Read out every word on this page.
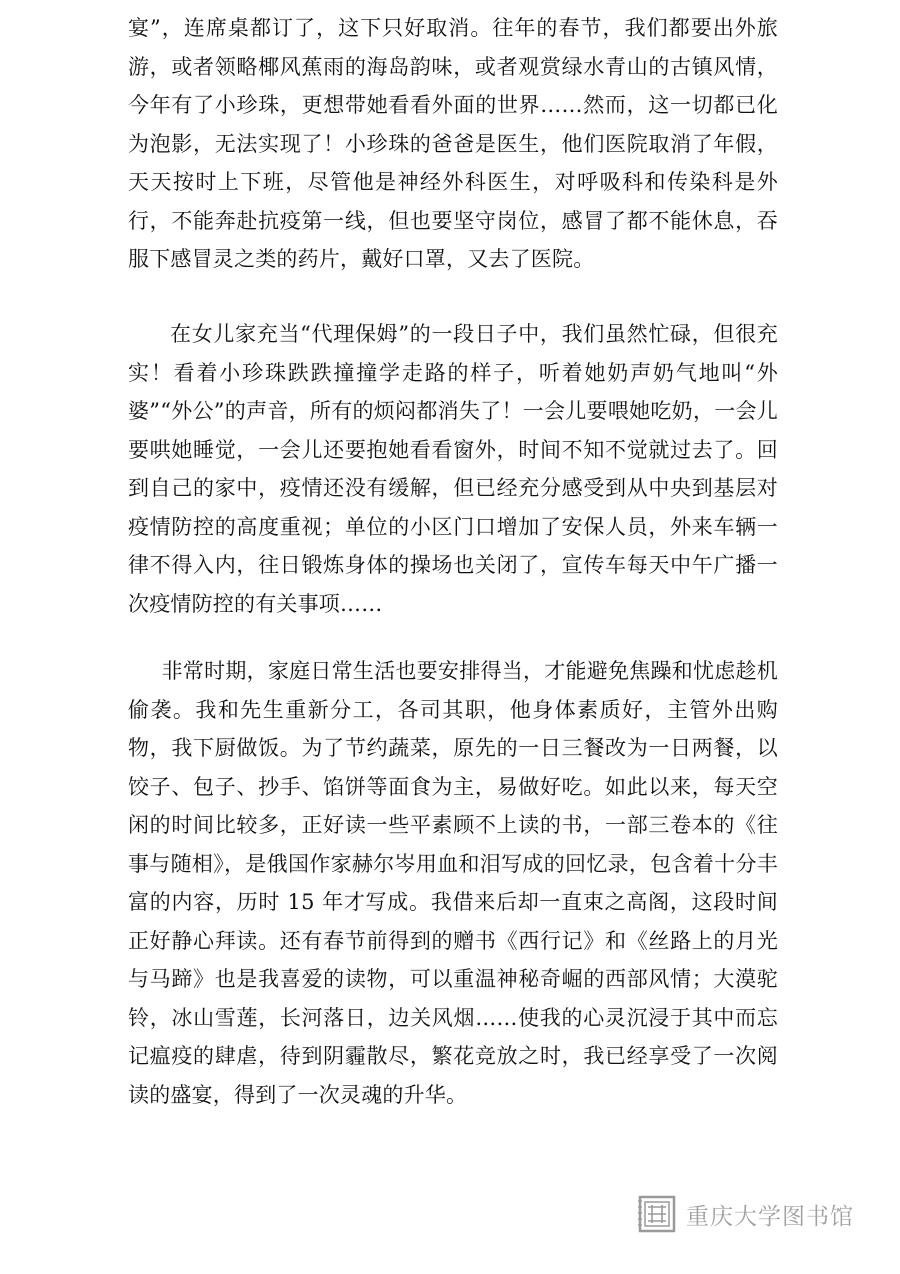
宴”，连席桌都订了，这下只好取消。往年的春节，我们都要出外旅游，或者领略椰风蕉雨的海岛韵味，或者观赏绿水青山的古镇风情，今年有了小珍珠，更想带她看看外面的世界……然而，这一切都已化为泡影，无法实现了！小珍珠的爸爸是医生，他们医院取消了年假，天天按时上下班，尽管他是神经外科医生，对呼吸科和传染科是外行，不能奔赴抗疫第一线，但也要坚守岗位，感冒了都不能休息，吞服下感冒灵之类的药片，戴好口罩，又去了医院。

在女儿家充当“代理保姆”的一段日子中，我们虽然忙碌，但很充实！看着小珍珠跌跌撞撞学走路的样子，听着她奶声奶气地叫“外婆”“外公”的声音，所有的烦闷都消失了！一会儿要喂她吃奶，一会儿要哄她睡觉，一会儿还要抱她看看窗外，时间不知不觉就过去了。回到自己的家中，疫情还没有缓解，但已经充分感受到从中央到基层对疫情防控的高度重视；单位的小区门口增加了安保人员，外来车辆一律不得入内，往日锻炼身体的操场也关闭了，宣传车每天中午广播一次疫情防控的有关事项……

非常时期，家庭日常生活也要安排得当，才能避免焦躁和忧虑趁机偷袭。我和先生重新分工，各司其职，他身体素质好，主管外出购物，我下厨做饭。为了节约蔬菜，原先的一日三餐改为一日两餐，以饺子、包子、抄手、馅饼等面食为主，易做好吃。如此以来，每天空闲的时间比较多，正好读一些平素顾不上读的书，一部三卷本的《往事与随相》，是俄国作家赫尔岑用血和泪写成的回忆录，包含着十分丰富的内容，历时 15 年才写成。我借来后却一直束之高阁，这段时间正好静心拜读。还有春节前得到的赠书《西行记》和《丝路上的月光与马蹄》也是我喜爱的读物，可以重温神秘奇崛的西部风情；大漠驼铃，冰山雪莲，长河落日，边关风烟……使我的心灵沉浸于其中而忘记瘟疫的肆虐，待到阴霾散尽，繁花竞放之时，我已经享受了一次阅读的盛宴，得到了一次灵魂的升华。

重庆大学图书馆
